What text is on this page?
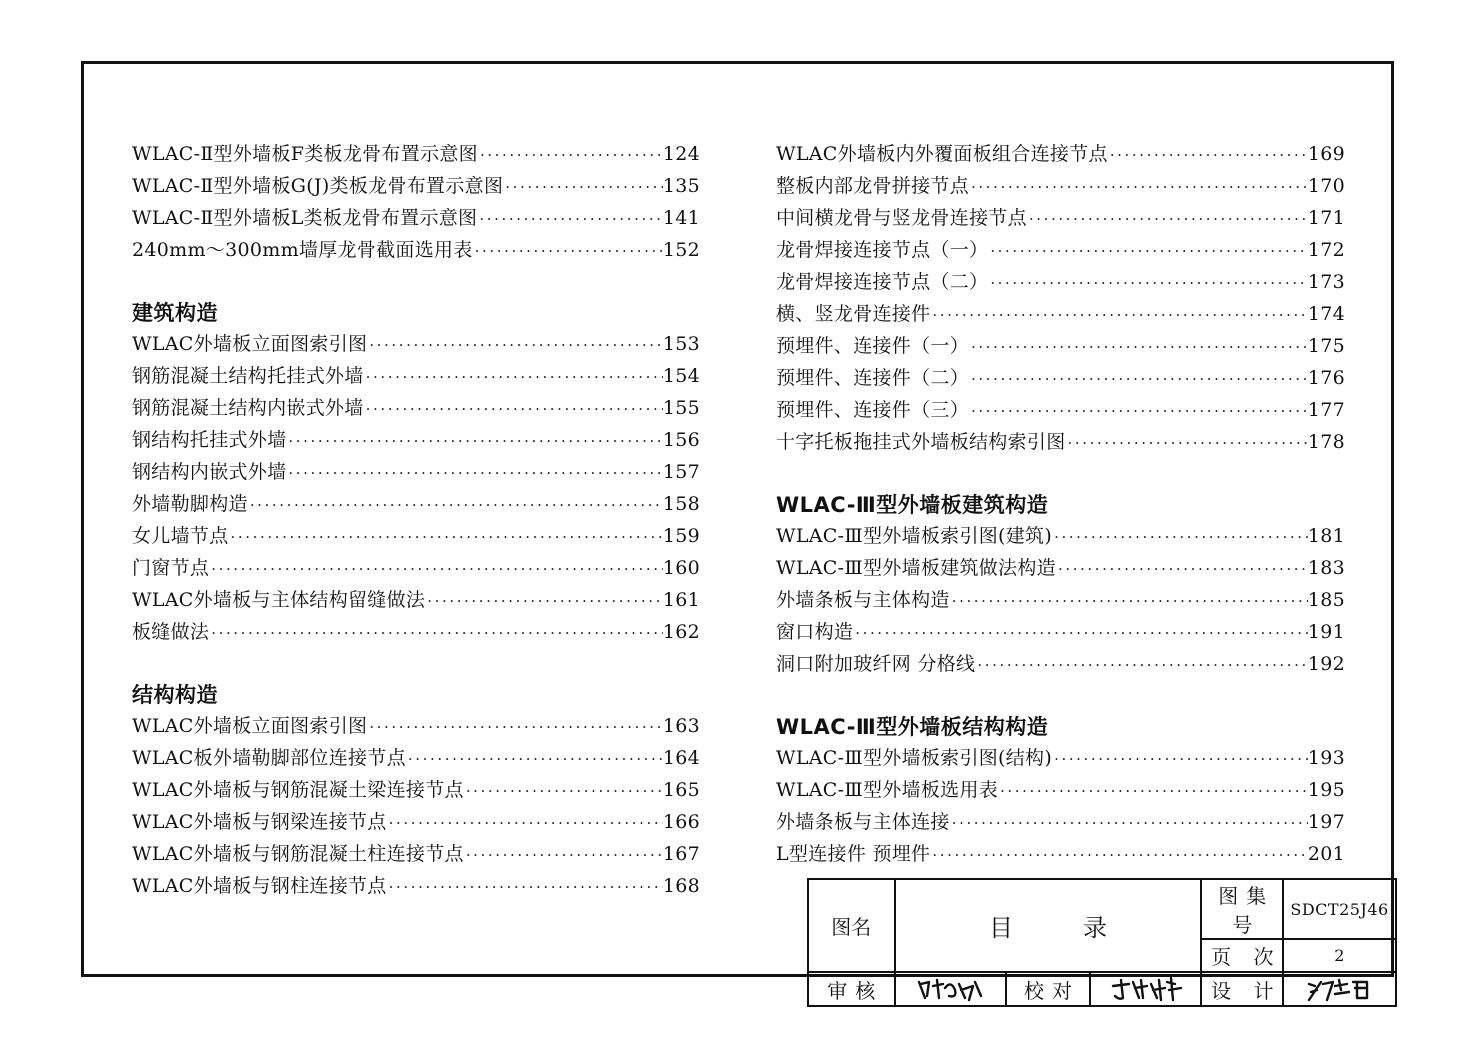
WLAC-Ⅱ型外墙板F类板龙骨布置示意图 ·····	124
WLAC-Ⅱ型外墙板G(J)类板龙骨布置示意图 ·····	135
WLAC-Ⅱ型外墙板L类板龙骨布置示意图 ·····	141
240mm～300mm墙厚龙骨截面选用表 ·····	152
建筑构造
WLAC外墙板立面图索引图 ·····	153
钢筋混凝土结构托挂式外墙 ·····	154
钢筋混凝土结构内嵌式外墙 ·····	155
钢结构托挂式外墙 ·····	156
钢结构内嵌式外墙 ·····	157
外墙勒脚构造 ·····	158
女儿墙节点 ·····	159
门窗节点 ·····	160
WLAC外墙板与主体结构留缝做法 ·····	161
板缝做法 ·····	162
结构构造
WLAC外墙板立面图索引图 ·····	163
WLAC板外墙勒脚部位连接节点 ·····	164
WLAC外墙板与钢筋混凝土梁连接节点 ·····	165
WLAC外墙板与钢梁连接节点 ·····	166
WLAC外墙板与钢筋混凝土柱连接节点 ·····	167
WLAC外墙板与钢柱连接节点 ·····	168
WLAC外墙板内外覆面板组合连接节点 ·····	169
整板内部龙骨拼接节点 ·····	170
中间横龙骨与竖龙骨连接节点 ·····	171
龙骨焊接连接节点（一） ·····	172
龙骨焊接连接节点（二） ·····	173
横、竖龙骨连接件 ·····	174
预埋件、连接件（一） ·····	175
预埋件、连接件（二） ·····	176
预埋件、连接件（三） ·····	177
十字托板拖挂式外墙板结构索引图 ·····	178
WLAC-Ⅲ型外墙板建筑构造
WLAC-Ⅲ型外墙板索引图(建筑) ·····	181
WLAC-Ⅲ型外墙板建筑做法构造 ·····	183
外墙条板与主体构造 ·····	185
窗口构造 ·····	191
洞口附加玻纤网 分格线 ·····	192
WLAC-Ⅲ型外墙板结构构造
WLAC-Ⅲ型外墙板索引图(结构) ·····	193
WLAC-Ⅲ型外墙板选用表 ·····	195
外墙条板与主体连接 ·····	197
L型连接件 预埋件 ·····	201
图名	目录			图集号	SDCT25J46
				页 次	2
审核		校对		设 计	
